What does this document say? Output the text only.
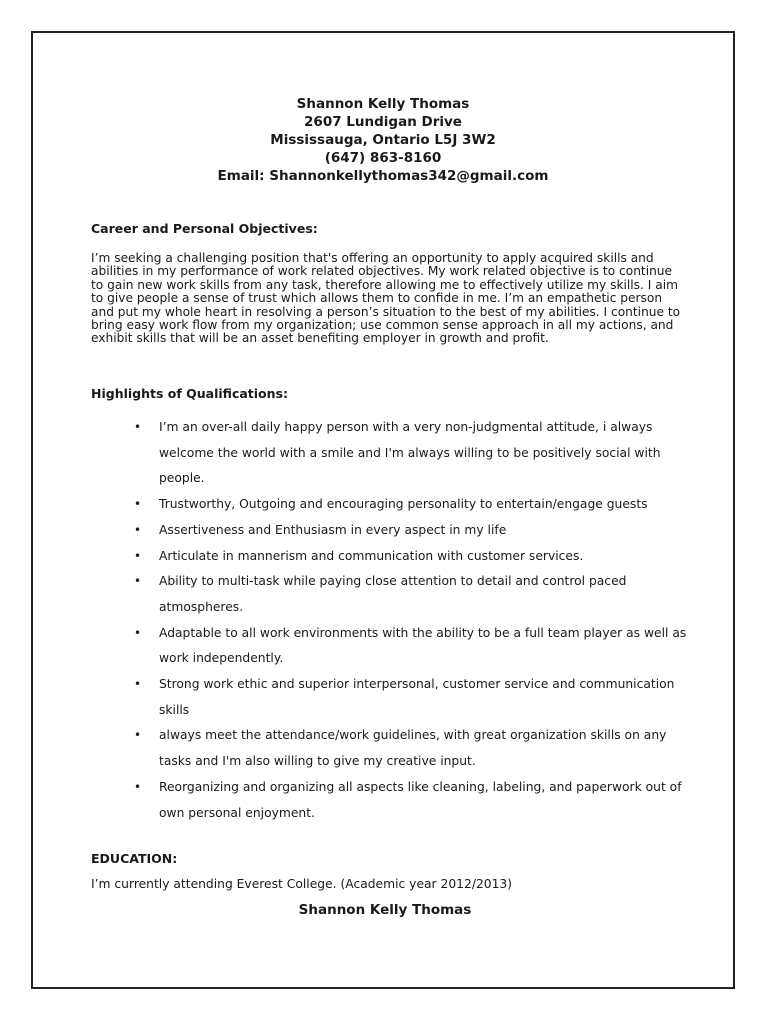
Shannon Kelly Thomas
2607 Lundigan Drive
Mississauga, Ontario L5J 3W2
(647) 863-8160
Email: Shannonkellythomas342@gmail.com
Career and Personal Objectives:
I’m seeking a challenging position that's offering an opportunity to apply acquired skills and abilities in my performance of work related objectives. My work related objective is to continue to gain new work skills from any task, therefore allowing me to effectively utilize my skills. I aim to give people a sense of trust which allows them to confide in me. I’m an empathetic person and put my whole heart in resolving a person’s situation to the best of my abilities. I continue to bring easy work flow from my organization; use common sense approach in all my actions, and exhibit skills that will be an asset benefiting employer in growth and profit.
Highlights of Qualifications:
• I’m an over-all daily happy person with a very non-judgmental attitude, i always welcome the world with a smile and I'm always willing to be positively social with people.
• Trustworthy, Outgoing and encouraging personality to entertain/engage guests
• Assertiveness and Enthusiasm in every aspect in my life
• Articulate in mannerism and communication with customer services.
• Ability to multi-task while paying close attention to detail and control paced atmospheres.
• Adaptable to all work environments with the ability to be a full team player as well as work independently.
• Strong work ethic and superior interpersonal, customer service and communication skills
• always meet the attendance/work guidelines, with great organization skills on any tasks and I'm also willing to give my creative input.
• Reorganizing and organizing all aspects like cleaning, labeling, and paperwork out of own personal enjoyment.
EDUCATION:
I’m currently attending Everest College. (Academic year 2012/2013)
Shannon Kelly Thomas
